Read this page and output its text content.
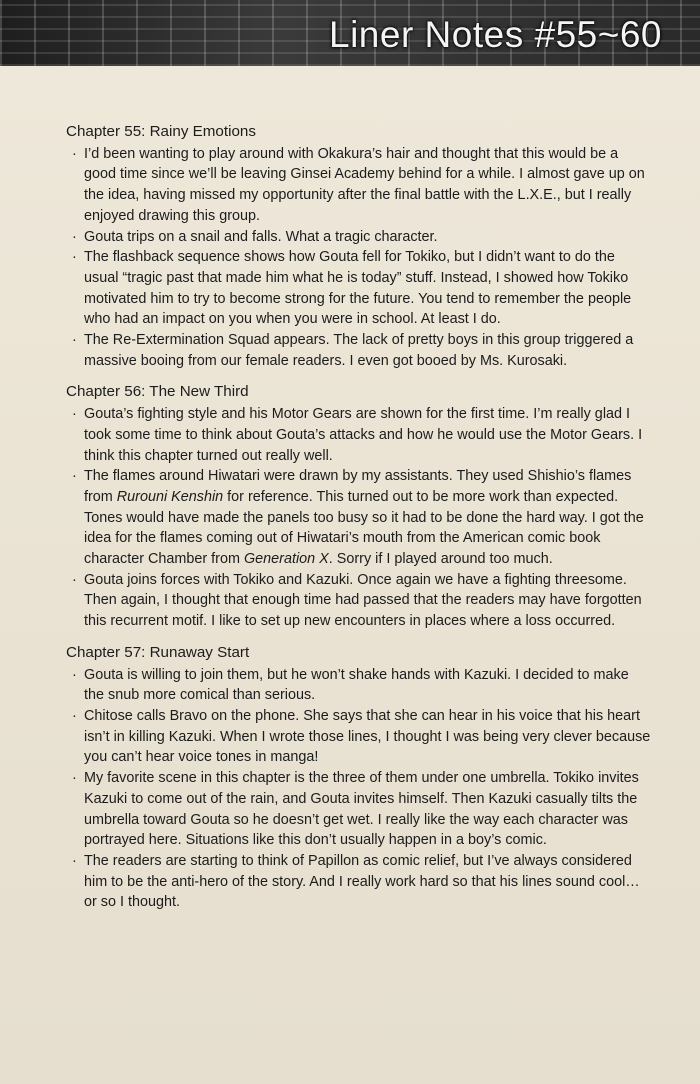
Liner Notes #55~60
Chapter 55: Rainy Emotions
· I’d been wanting to play around with Okakura’s hair and thought that this would be a good time since we’ll be leaving Ginsei Academy behind for a while. I almost gave up on the idea, having missed my opportunity after the final battle with the L.X.E., but I really enjoyed drawing this group.
· Gouta trips on a snail and falls. What a tragic character.
· The flashback sequence shows how Gouta fell for Tokiko, but I didn’t want to do the usual “tragic past that made him what he is today” stuff. Instead, I showed how Tokiko motivated him to try to become strong for the future. You tend to remember the people who had an impact on you when you were in school. At least I do.
· The Re-Extermination Squad appears. The lack of pretty boys in this group triggered a massive booing from our female readers. I even got booed by Ms. Kurosaki.
Chapter 56: The New Third
· Gouta’s fighting style and his Motor Gears are shown for the first time. I’m really glad I took some time to think about Gouta’s attacks and how he would use the Motor Gears. I think this chapter turned out really well.
· The flames around Hiwatari were drawn by my assistants. They used Shishio’s flames from Rurouni Kenshin for reference. This turned out to be more work than expected. Tones would have made the panels too busy so it had to be done the hard way. I got the idea for the flames coming out of Hiwatari’s mouth from the American comic book character Chamber from Generation X. Sorry if I played around too much.
· Gouta joins forces with Tokiko and Kazuki. Once again we have a fighting threesome. Then again, I thought that enough time had passed that the readers may have forgotten this recurrent motif. I like to set up new encounters in places where a loss occurred.
Chapter 57: Runaway Start
· Gouta is willing to join them, but he won’t shake hands with Kazuki. I decided to make the snub more comical than serious.
· Chitose calls Bravo on the phone. She says that she can hear in his voice that his heart isn’t in killing Kazuki. When I wrote those lines, I thought I was being very clever because you can’t hear voice tones in manga!
· My favorite scene in this chapter is the three of them under one umbrella. Tokiko invites Kazuki to come out of the rain, and Gouta invites himself. Then Kazuki casually tilts the umbrella toward Gouta so he doesn’t get wet. I really like the way each character was portrayed here. Situations like this don’t usually happen in a boy’s comic.
· The readers are starting to think of Papillon as comic relief, but I’ve always considered him to be the anti-hero of the story. And I really work hard so that his lines sound cool…or so I thought.
